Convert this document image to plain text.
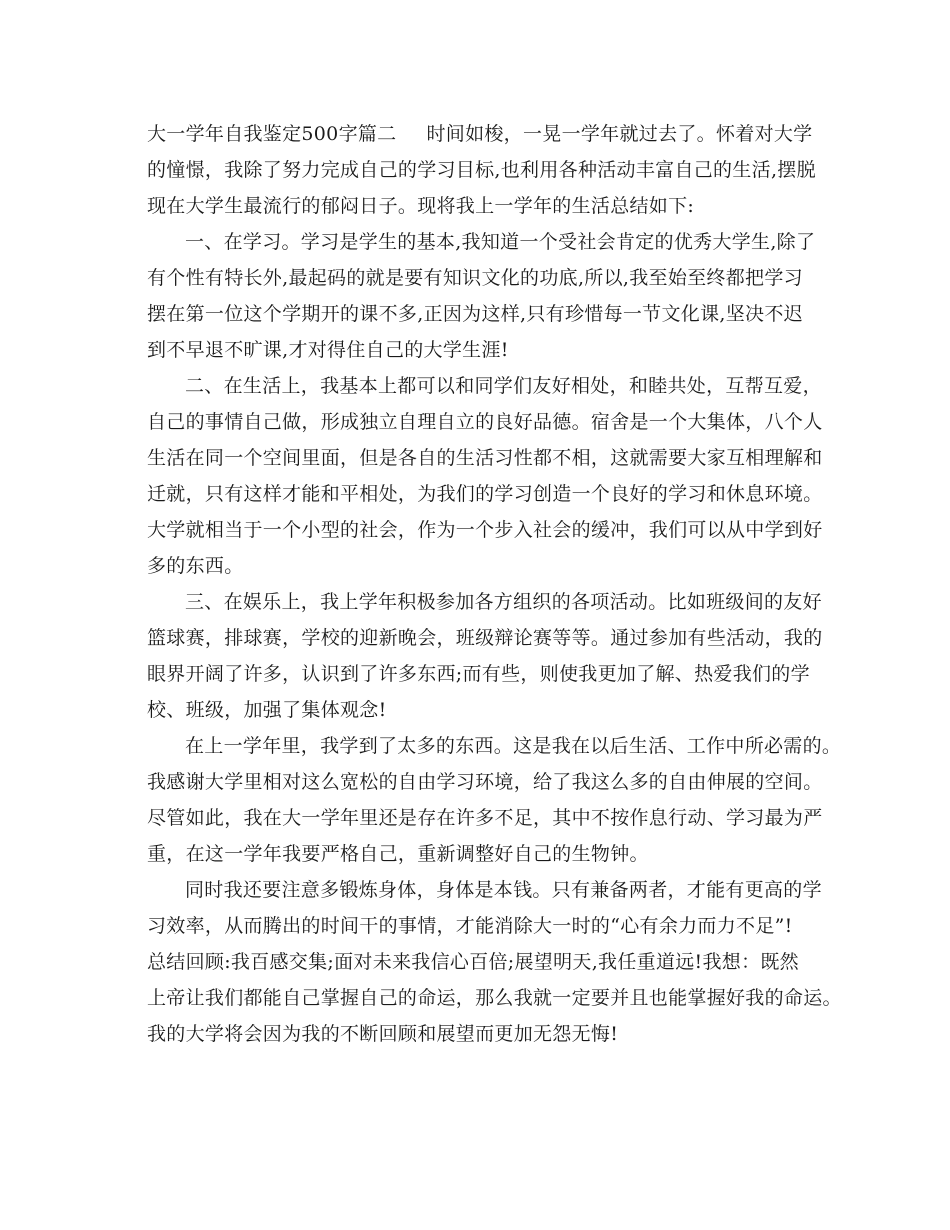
大一学年自我鉴定500字篇二 时间如梭，一晃一学年就过去了。怀着对大学
的憧憬，我除了努力完成自己的学习目标,也利用各种活动丰富自己的生活,摆脱
现在大学生最流行的郁闷日子。现将我上一学年的生活总结如下:
一、在学习。学习是学生的基本,我知道一个受社会肯定的优秀大学生,除了
有个性有特长外,最起码的就是要有知识文化的功底,所以,我至始至终都把学习
摆在第一位这个学期开的课不多,正因为这样,只有珍惜每一节文化课,坚决不迟
到不早退不旷课,才对得住自己的大学生涯!
二、在生活上，我基本上都可以和同学们友好相处，和睦共处，互帮互爱，
自己的事情自己做，形成独立自理自立的良好品德。宿舍是一个大集体，八个人
生活在同一个空间里面，但是各自的生活习性都不相，这就需要大家互相理解和
迁就，只有这样才能和平相处，为我们的学习创造一个良好的学习和休息环境。
大学就相当于一个小型的社会，作为一个步入社会的缓冲，我们可以从中学到好
多的东西。
三、在娱乐上，我上学年积极参加各方组织的各项活动。比如班级间的友好
篮球赛，排球赛，学校的迎新晚会，班级辩论赛等等。通过参加有些活动，我的
眼界开阔了许多，认识到了许多东西;而有些，则使我更加了解、热爱我们的学
校、班级，加强了集体观念!
在上一学年里，我学到了太多的东西。这是我在以后生活、工作中所必需的。
我感谢大学里相对这么宽松的自由学习环境，给了我这么多的自由伸展的空间。
尽管如此，我在大一学年里还是存在许多不足，其中不按作息行动、学习最为严
重，在这一学年我要严格自己，重新调整好自己的生物钟。
同时我还要注意多锻炼身体，身体是本钱。只有兼备两者，才能有更高的学
习效率，从而腾出的时间干的事情，才能消除大一时的“心有余力而力不足”!
总结回顾:我百感交集;面对未来我信心百倍;展望明天,我任重道远!我想：既然
上帝让我们都能自己掌握自己的命运，那么我就一定要并且也能掌握好我的命运。
我的大学将会因为我的不断回顾和展望而更加无怨无悔!
